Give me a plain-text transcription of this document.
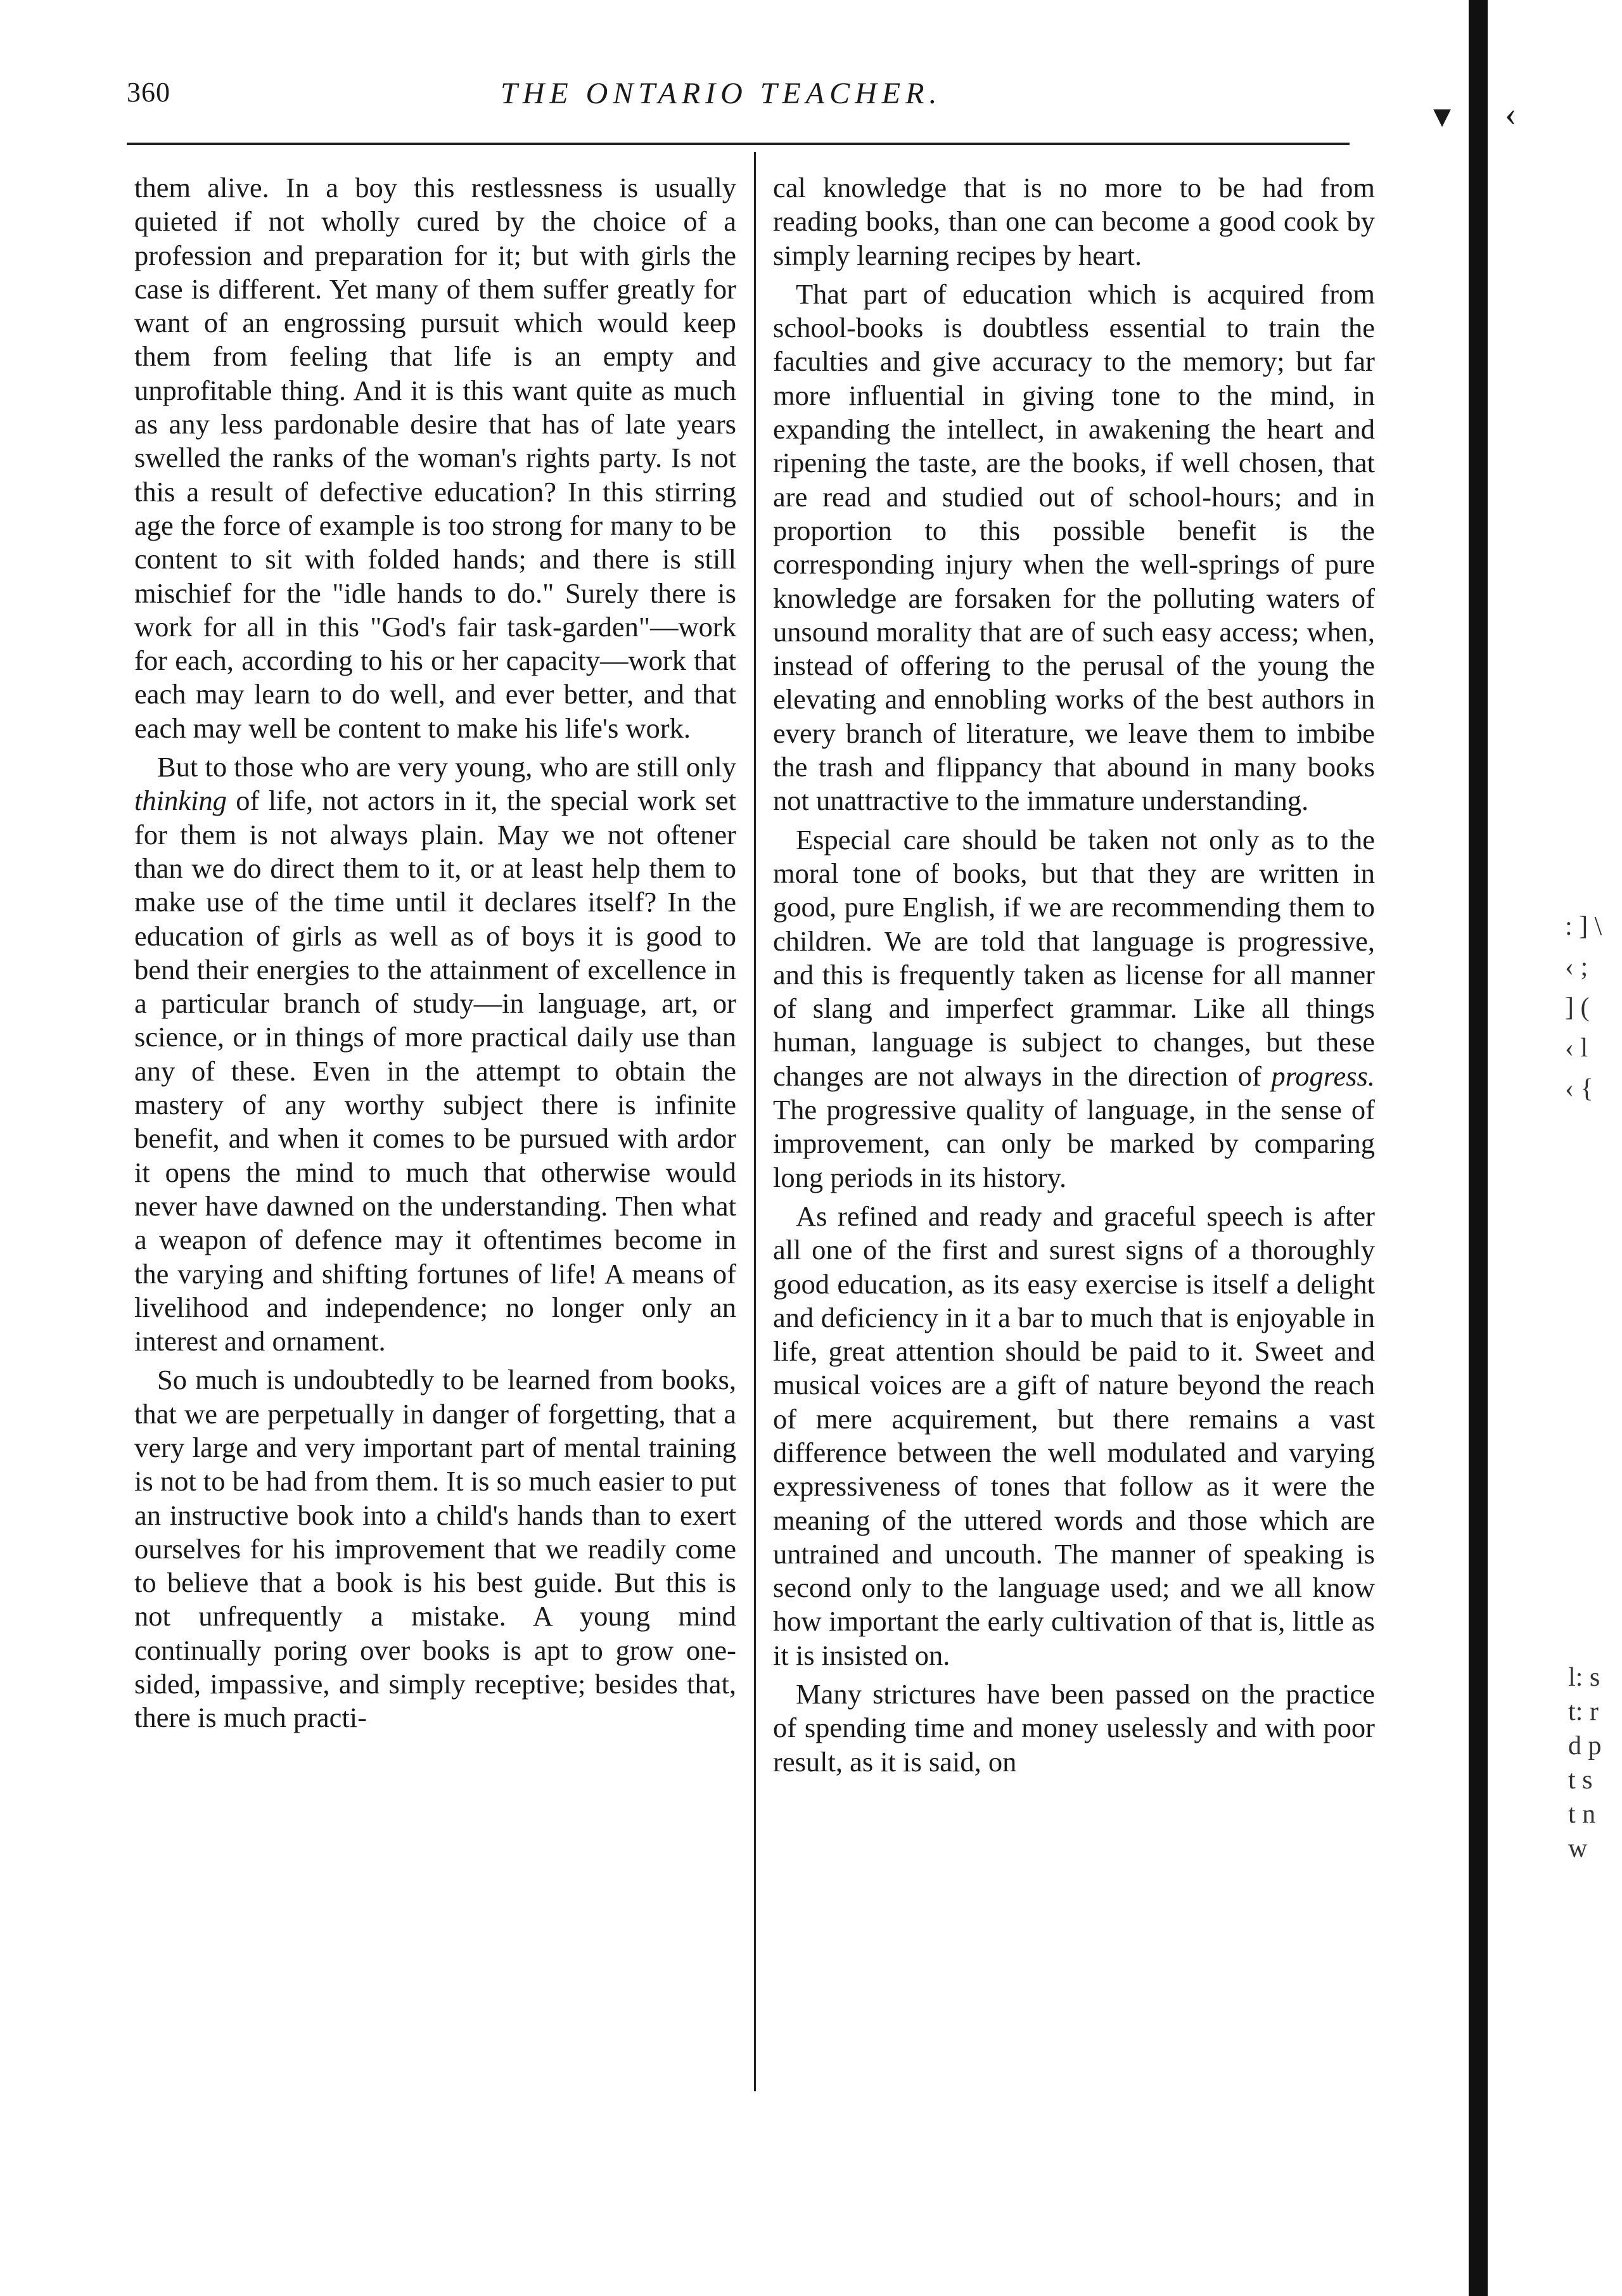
360	THE ONTARIO TEACHER.

them alive. In a boy this restlessness is usually quieted if not wholly cured by the choice of a profession and preparation for it; but with girls the case is different. Yet many of them suffer greatly for want of an engrossing pursuit which would keep them from feeling that life is an empty and unprofitable thing. And it is this want quite as much as any less pardonable desire that has of late years swelled the ranks of the woman's rights party. Is not this a result of defective education? In this stirring age the force of example is too strong for many to be content to sit with folded hands; and there is still mischief for the "idle hands to do." Surely there is work for all in this "God's fair task-garden"—work for each, according to his or her capacity—work that each may learn to do well, and ever better, and that each may well be content to make his life's work.

But to those who are very young, who are still only thinking of life, not actors in it, the special work set for them is not always plain. May we not oftener than we do direct them to it, or at least help them to make use of the time until it declares itself? In the education of girls as well as of boys it is good to bend their energies to the attainment of excellence in a particular branch of study—in language, art, or science, or in things of more practical daily use than any of these. Even in the attempt to obtain the mastery of any worthy subject there is infinite benefit, and when it comes to be pursued with ardor it opens the mind to much that otherwise would never have dawned on the understanding. Then what a weapon of defence may it oftentimes become in the varying and shifting fortunes of life! A means of livelihood and independence; no longer only an interest and ornament.

So much is undoubtedly to be learned from books, that we are perpetually in danger of forgetting, that a very large and very important part of mental training is not to be had from them. It is so much easier to put an instructive book into a child's hands than to exert ourselves for his improvement that we readily come to believe that a book is his best guide. But this is not unfrequently a mistake. A young mind continually poring over books is apt to grow one-sided, impassive, and simply receptive; besides that, there is much practi-

cal knowledge that is no more to be had from reading books, than one can become a good cook by simply learning recipes by heart.

That part of education which is acquired from school-books is doubtless essential to train the faculties and give accuracy to the memory; but far more influential in giving tone to the mind, in expanding the intellect, in awakening the heart and ripening the taste, are the books, if well chosen, that are read and studied out of school-hours; and in proportion to this possible benefit is the corresponding injury when the well-springs of pure knowledge are forsaken for the polluting waters of unsound morality that are of such easy access; when, instead of offering to the perusal of the young the elevating and ennobling works of the best authors in every branch of literature, we leave them to imbibe the trash and flippancy that abound in many books not unattractive to the immature understanding.

Especial care should be taken not only as to the moral tone of books, but that they are written in good, pure English, if we are recommending them to children. We are told that language is progressive, and this is frequently taken as license for all manner of slang and imperfect grammar. Like all things human, language is subject to changes, but these changes are not always in the direction of progress. The progressive quality of language, in the sense of improvement, can only be marked by comparing long periods in its history.

As refined and ready and graceful speech is after all one of the first and surest signs of a thoroughly good education, as its easy exercise is itself a delight and deficiency in it a bar to much that is enjoyable in life, great attention should be paid to it. Sweet and musical voices are a gift of nature beyond the reach of mere acquirement, but there remains a vast difference between the well modulated and varying expressiveness of tones that follow as it were the meaning of the uttered words and those which are untrained and uncouth. The manner of speaking is second only to the language used; and we all know how important the early cultivation of that is, little as it is insisted on.

Many strictures have been passed on the practice of spending time and money uselessly and with poor result, as it is said, on

▾ ‹
: ] \ ‹ ; ] ( ‹ l ‹ {
l: s t: r d p t s t n w
